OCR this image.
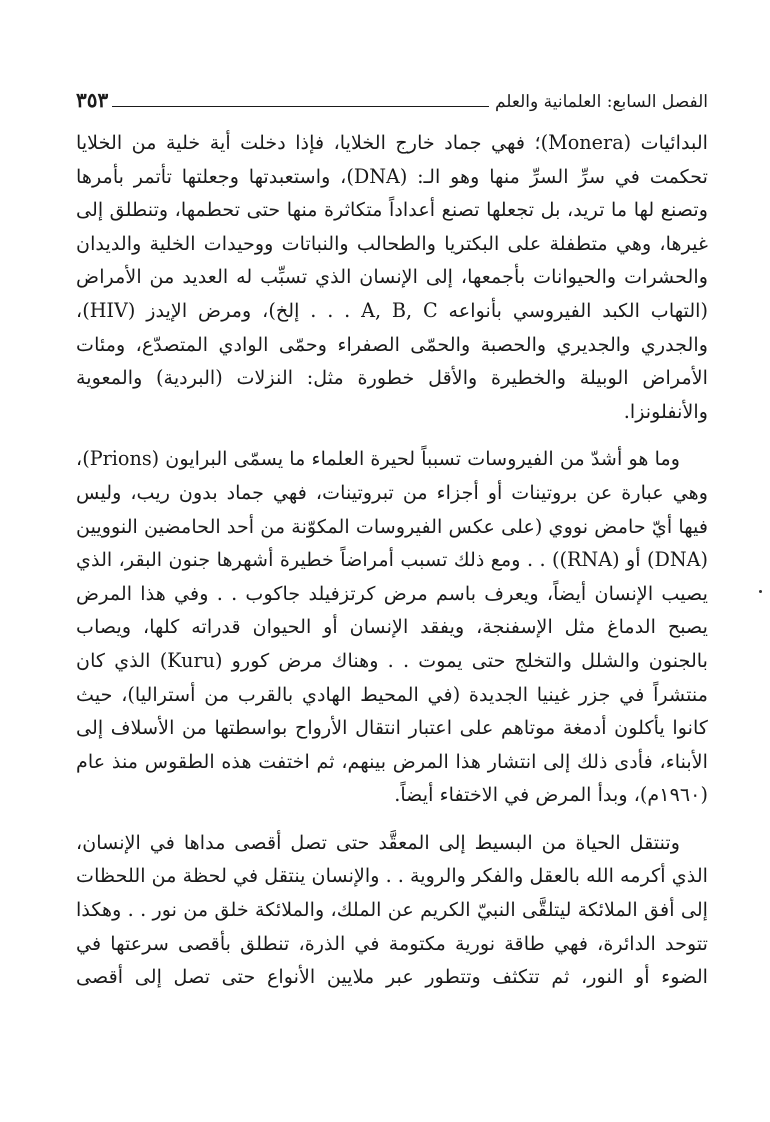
الفصل السابع: العلمانية والعلم
٣٥٣

البدائيات (Monera)؛ فهي جماد خارج الخلايا، فإذا دخلت أية خلية من الخلايا تحكمت في سرِّ السرِّ منها وهو الـ: (DNA)، واستعبدتها وجعلتها تأتمر بأمرها وتصنع لها ما تريد، بل تجعلها تصنع أعداداً متكاثرة منها حتى تحطمها، وتنطلق إلى غيرها، وهي متطفلة على البكتريا والطحالب والنباتات ووحيدات الخلية والديدان والحشرات والحيوانات بأجمعها، إلى الإنسان الذي تسبِّب له العديد من الأمراض (التهاب الكبد الفيروسي بأنواعه A, B, C . . . إلخ)، ومرض الإيدز (HIV)، والجدري والجديري والحصبة والحمّى الصفراء وحمّى الوادي المتصدّع، ومئات الأمراض الوبيلة والخطيرة والأقل خطورة مثل: النزلات (البردية) والمعوية والأنفلونزا.

وما هو أشدّ من الفيروسات تسبباً لحيرة العلماء ما يسمّى البرايون (Prions)، وهي عبارة عن بروتينات أو أجزاء من تبروتينات، فهي جماد بدون ريب، وليس فيها أيّ حامض نووي (على عكس الفيروسات المكوّنة من أحد الحامضين النوويين (DNA) أو (RNA)) . . ومع ذلك تسبب أمراضاً خطيرة أشهرها جنون البقر، الذي يصيب الإنسان أيضاً، ويعرف باسم مرض كرتزفيلد جاكوب . . وفي هذا المرض يصبح الدماغ مثل الإسفنجة، ويفقد الإنسان أو الحيوان قدراته كلها، ويصاب بالجنون والشلل والتخلج حتى يموت . . وهناك مرض كورو (Kuru) الذي كان منتشراً في جزر غينيا الجديدة (في المحيط الهادي بالقرب من أستراليا)، حيث كانوا يأكلون أدمغة موتاهم على اعتبار انتقال الأرواح بواسطتها من الأسلاف إلى الأبناء، فأدى ذلك إلى انتشار هذا المرض بينهم، ثم اختفت هذه الطقوس منذ عام (١٩٦٠م)، وبدأ المرض في الاختفاء أيضاً.

وتنتقل الحياة من البسيط إلى المعقَّد حتى تصل أقصى مداها في الإنسان، الذي أكرمه الله بالعقل والفكر والروية . . والإنسان ينتقل في لحظة من اللحظات إلى أفق الملائكة ليتلقَّى النبيّ الكريم عن الملك، والملائكة خلق من نور . . وهكذا تتوحد الدائرة، فهي طاقة نورية مكتومة في الذرة، تنطلق بأقصى سرعتها في الضوء أو النور، ثم تتكثف وتتطور عبر ملايين الأنواع حتى تصل إلى أقصى
